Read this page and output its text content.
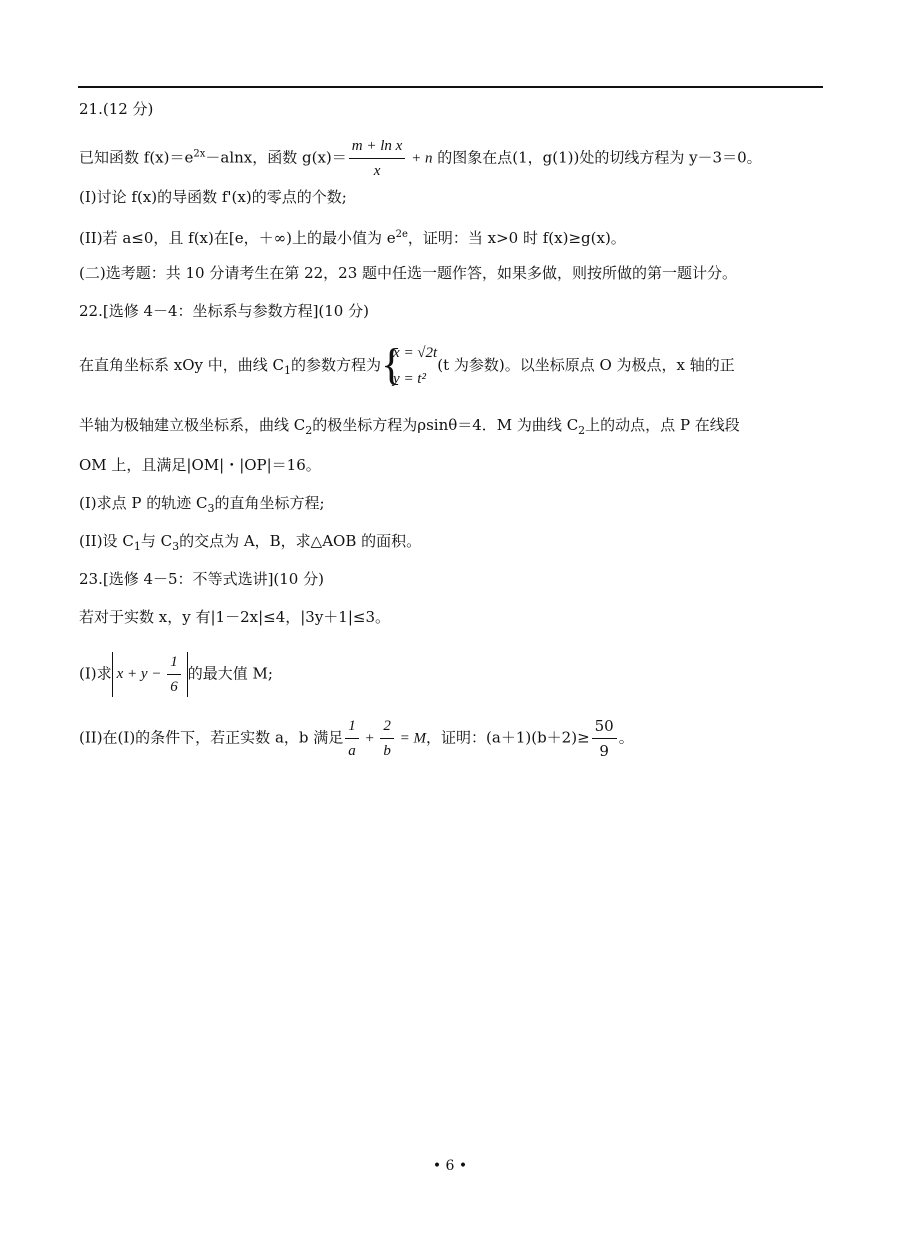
21.(12 分)
已知函数 $f(x)=e^{2x}-alnx$，函数 $g(x)= \frac{\text{m + ln x}}{x} + n$ 的图象在点(1，g(1))处的切线方程为 y－3＝0。
(I)讨论 f(x)的导函数 f'(x)的零点的个数;
(II)若 a≤0，且 f(x)在[e，＋∞)上的最小值为 $e^{2e}$，证明：当 x>0 时 f(x)≥g(x)。
(二)选考题：共 10 分请考生在第 22，23 题中任选一题作答，如果多做，则按所做的第一题计分。
22.[选修 4－4：坐标系与参数方程](10 分)
在直角坐标系 xOy 中，曲线 $C_1$的参数方程为 {
x = √2t
y = t²
(t 为参数)。以坐标原点 O 为极点，x 轴的正
半轴为极轴建立极坐标系，曲线 $C_2$的极坐标方程为ρsinθ＝4．M 为曲线 $C_2$上的动点，点 P 在线段
OM 上，且满足|OM|・|OP|＝16。
(I)求点 P 的轨迹 $C_3$的直角坐标方程;
(II)设 $C_1$与 $C_3$的交点为 A，B，求△AOB 的面积。
23.[选修 4－5：不等式选讲](10 分)
若对于实数 x，y 有|1－2x|≤4，|3y＋1|≤3。
(I)求 $x + y - \frac{1}{6}$ 的最大值 M;
(II)在(I)的条件下，若正实数 a，b 满足 $\frac{1}{a} + \frac{2}{b} = M$，证明：$(a+1)(b+2)\ge \frac{50}{9}$ 。
• 6 •
